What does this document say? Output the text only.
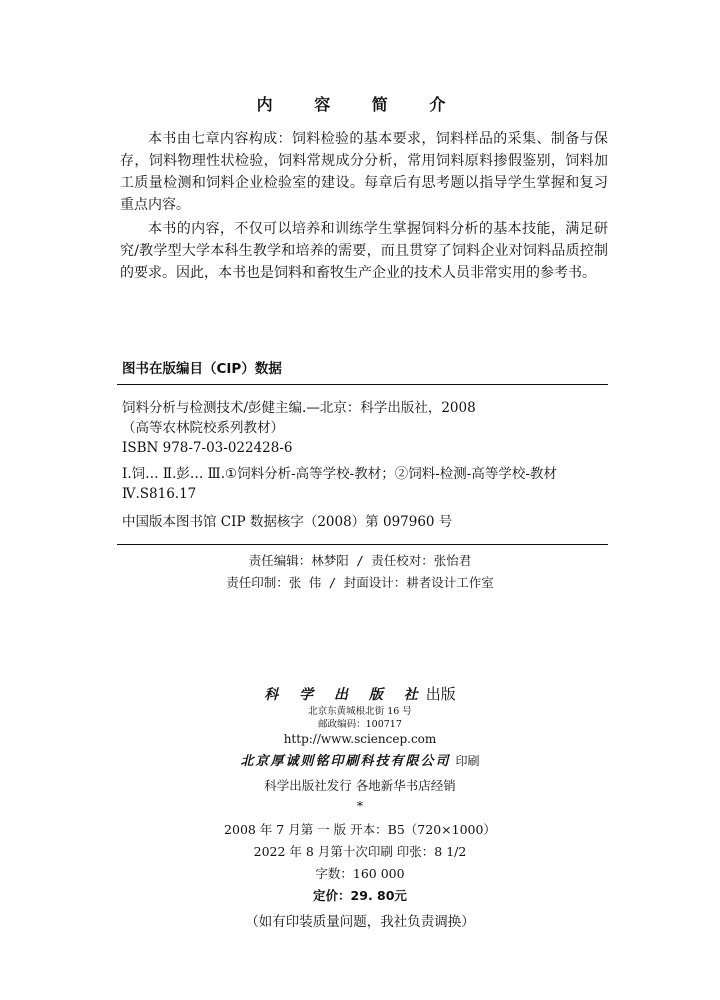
内 容 简 介
本书由七章内容构成：饲料检验的基本要求，饲料样品的采集、制备与保存，饲料物理性状检验，饲料常规成分分析，常用饲料原料掺假鉴别，饲料加工质量检测和饲料企业检验室的建设。每章后有思考题以指导学生掌握和复习重点内容。
本书的内容，不仅可以培养和训练学生掌握饲料分析的基本技能，满足研究/教学型大学本科生教学和培养的需要，而且贯穿了饲料企业对饲料品质控制的要求。因此，本书也是饲料和畜牧生产企业的技术人员非常实用的参考书。
图书在版编目（CIP）数据
饲料分析与检测技术/彭健主编.—北京：科学出版社，2008
（高等农林院校系列教材）
ISBN 978-7-03-022428-6
Ⅰ.饲… Ⅱ.彭… Ⅲ.①饲料分析-高等学校-教材；②饲料-检测-高等学校-教材 Ⅳ.S816.17
中国版本图书馆 CIP 数据核字（2008）第 097960 号
责任编辑：林梦阳 / 责任校对：张怡君
责任印制：张 伟 / 封面设计：耕者设计工作室
科 学 出 版 社出版
北京东黄城根北街 16 号
邮政编码：100717
http://www.sciencep.com
北京厚诚则铭印刷科技有限公司 印刷
科学出版社发行 各地新华书店经销
*
2008 年 7 月第 一 版 开本：B5（720×1000）
2022 年 8 月第十次印刷 印张：8 1/2
字数：160 000
定价：29. 80元
（如有印装质量问题，我社负责调换）
